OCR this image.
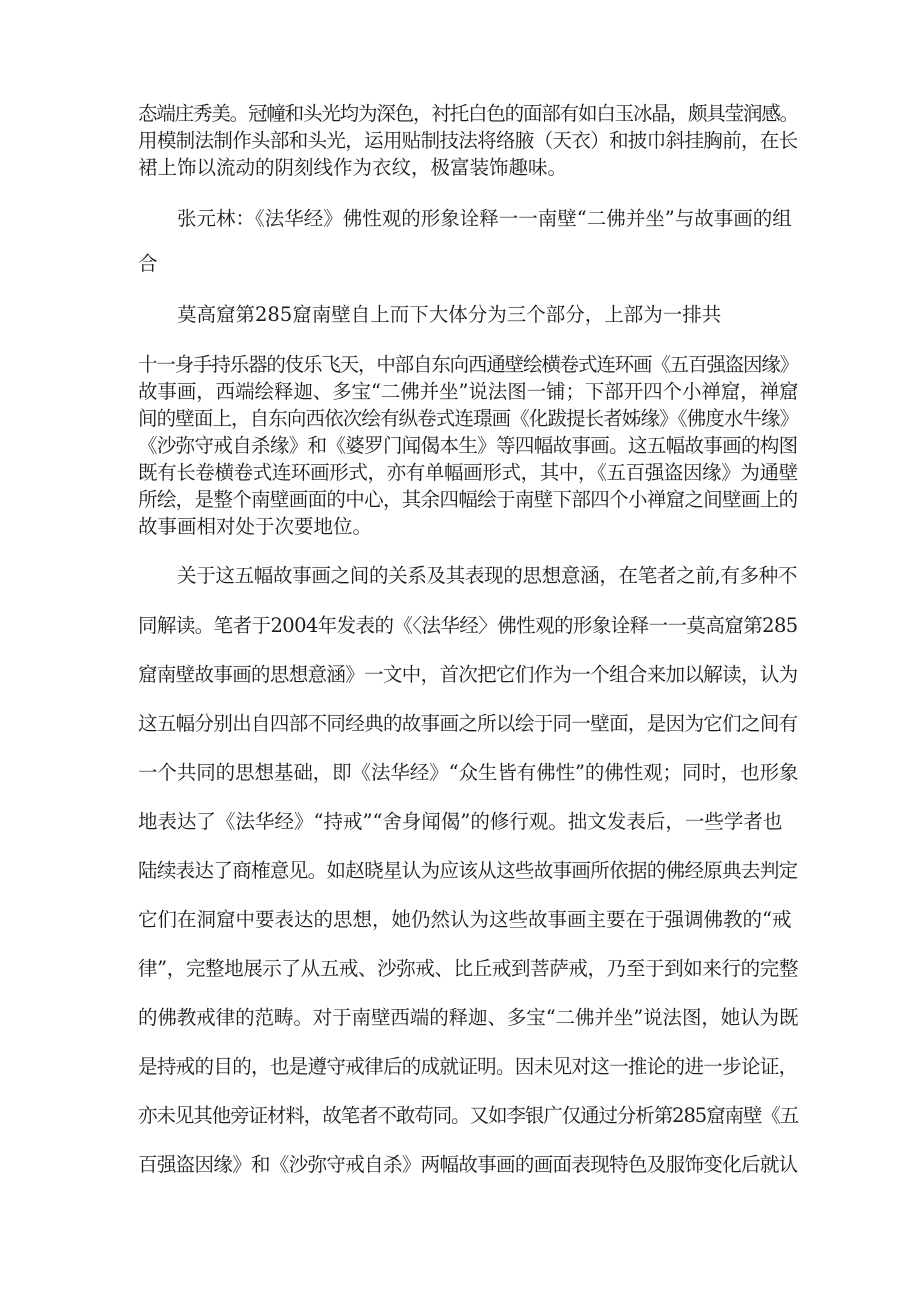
态端庄秀美。冠幢和头光均为深色，衬托白色的面部有如白玉冰晶，颇具莹润感。
用模制法制作头部和头光，运用贴制技法将络腋（天衣）和披巾斜挂胸前，在长
裙上饰以流动的阴刻线作为衣纹，极富装饰趣味。
张元林：《法华经》佛性观的形象诠释一一南壁“二佛并坐”与故事画的组
合
莫高窟第285窟南壁自上而下大体分为三个部分，上部为一排共
十一身手持乐器的伎乐飞天，中部自东向西通壁绘横卷式连环画《五百强盗因缘》
故事画，西端绘释迦、多宝“二佛并坐”说法图一铺；下部开四个小禅窟，禅窟
间的壁面上，自东向西依次绘有纵卷式连璟画《化跋提长者姊缘》《佛度水牛缘》
《沙弥守戒自杀缘》和《婆罗门闻偈本生》等四幅故事画。这五幅故事画的构图
既有长卷横卷式连环画形式，亦有单幅画形式，其中，《五百强盗因缘》为通壁
所绘，是整个南壁画面的中心，其余四幅绘于南壁下部四个小禅窟之间壁画上的
故事画相对处于次要地位。
关于这五幅故事画之间的关系及其表现的思想意涵，在笔者之前,有多种不
同解读。笔者于2004年发表的《〈法华经〉佛性观的形象诠释一一莫高窟第285
窟南壁故事画的思想意涵》一文中，首次把它们作为一个组合来加以解读，认为
这五幅分别出自四部不同经典的故事画之所以绘于同一壁面，是因为它们之间有
一个共同的思想基础，即《法华经》“众生皆有佛性”的佛性观；同时，也形象
地表达了《法华经》“持戒”“舍身闻偈”的修行观。拙文发表后，一些学者也
陆续表达了商榷意见。如赵晓星认为应该从这些故事画所依据的佛经原典去判定
它们在洞窟中要表达的思想，她仍然认为这些故事画主要在于强调佛教的“戒
律”，完整地展示了从五戒、沙弥戒、比丘戒到菩萨戒，乃至于到如来行的完整
的佛教戒律的范畴。对于南壁西端的释迦、多宝“二佛并坐”说法图，她认为既
是持戒的目的，也是遵守戒律后的成就证明。因未见对这一推论的进一步论证，
亦未见其他旁证材料，故笔者不敢苟同。又如李银广仅通过分析第285窟南壁《五
百强盗因缘》和《沙弥守戒自杀》两幅故事画的画面表现特色及服饰变化后就认
